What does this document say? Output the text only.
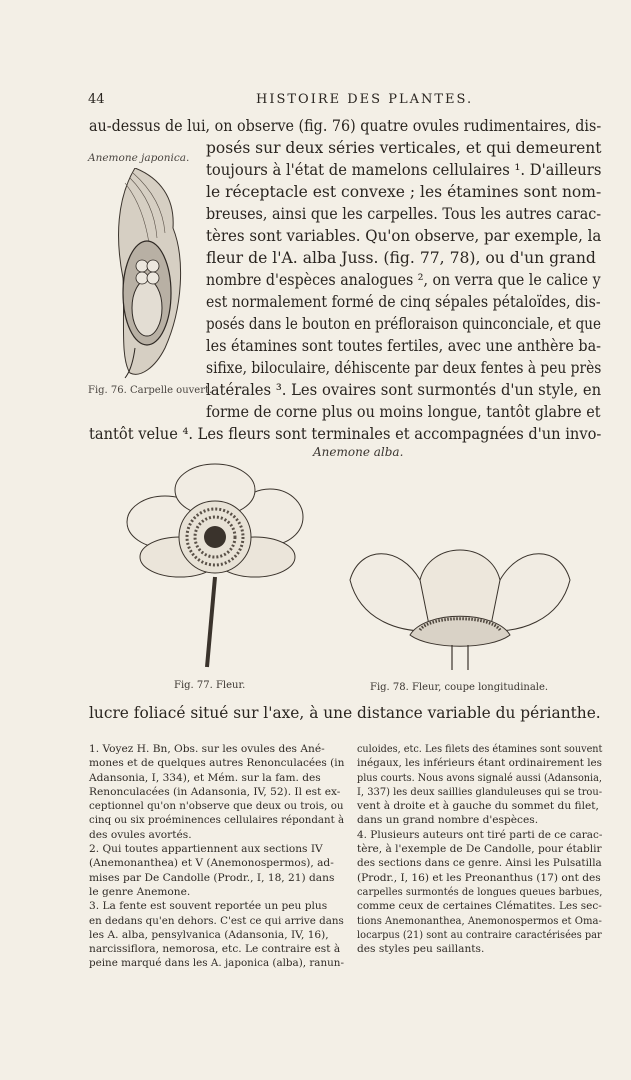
44	HISTOIRE DES PLANTES.
au-dessus de lui, on observe (fig. 76) quatre ovules rudimentaires, dis-
posés sur deux séries verticales, et qui demeurent
toujours à l'état de mamelons cellulaires ¹. D'ailleurs
le réceptacle est convexe ; les étamines sont nom-
breuses, ainsi que les carpelles. Tous les autres carac-
tères sont variables. Qu'on observe, par exemple, la
fleur de l'A. alba Juss. (fig. 77, 78), ou d'un grand
nombre d'espèces analogues ², on verra que le calice y
est normalement formé de cinq sépales pétaloïdes, dis-
posés dans le bouton en préfloraison quinconciale, et que
les étamines sont toutes fertiles, avec une anthère ba-
sifixe, biloculaire, déhiscente par deux fentes à peu près
latérales ³. Les ovaires sont surmontés d'un style, en
forme de corne plus ou moins longue, tantôt glabre et
tantôt velue ⁴. Les fleurs sont terminales et accompagnées d'un invo-
Anemone japonica.
Fig. 76. Carpelle ouvert.
Anemone alba.
Fig. 77. Fleur.	Fig. 78. Fleur, coupe longitudinale.
lucre foliacé situé sur l'axe, à une distance variable du périanthe.
1. Voyez H. Bn, Obs. sur les ovules des Ané-
mones et de quelques autres Renonculacées (in
Adansonia, I, 334), et Mém. sur la fam. des
Renonculacées (in Adansonia, IV, 52). Il est ex-
ceptionnel qu'on n'observe que deux ou trois, ou
cinq ou six proéminences cellulaires répondant à
des ovules avortés.
2. Qui toutes appartiennent aux sections IV
(Anemonanthea) et V (Anemonospermos), ad-
mises par De Candolle (Prodr., I, 18, 21) dans
le genre Anemone.
3. La fente est souvent reportée un peu plus
en dedans qu'en dehors. C'est ce qui arrive dans
les A. alba, pensylvanica (Adansonia, IV, 16),
narcissiflora, nemorosa, etc. Le contraire est à
peine marqué dans les A. japonica (alba), ranun-
culoides, etc. Les filets des étamines sont souvent
inégaux, les inférieurs étant ordinairement les
plus courts. Nous avons signalé aussi (Adansonia,
I, 337) les deux saillies glanduleuses qui se trou-
vent à droite et à gauche du sommet du filet,
dans un grand nombre d'espèces.
4. Plusieurs auteurs ont tiré parti de ce carac-
tère, à l'exemple de De Candolle, pour établir
des sections dans ce genre. Ainsi les Pulsatilla
(Prodr., I, 16) et les Preonanthus (17) ont des
carpelles surmontés de longues queues barbues,
comme ceux de certaines Clématites. Les sec-
tions Anemonanthea, Anemonospermos et Oma-
locarpus (21) sont au contraire caractérisées par
des styles peu saillants.
